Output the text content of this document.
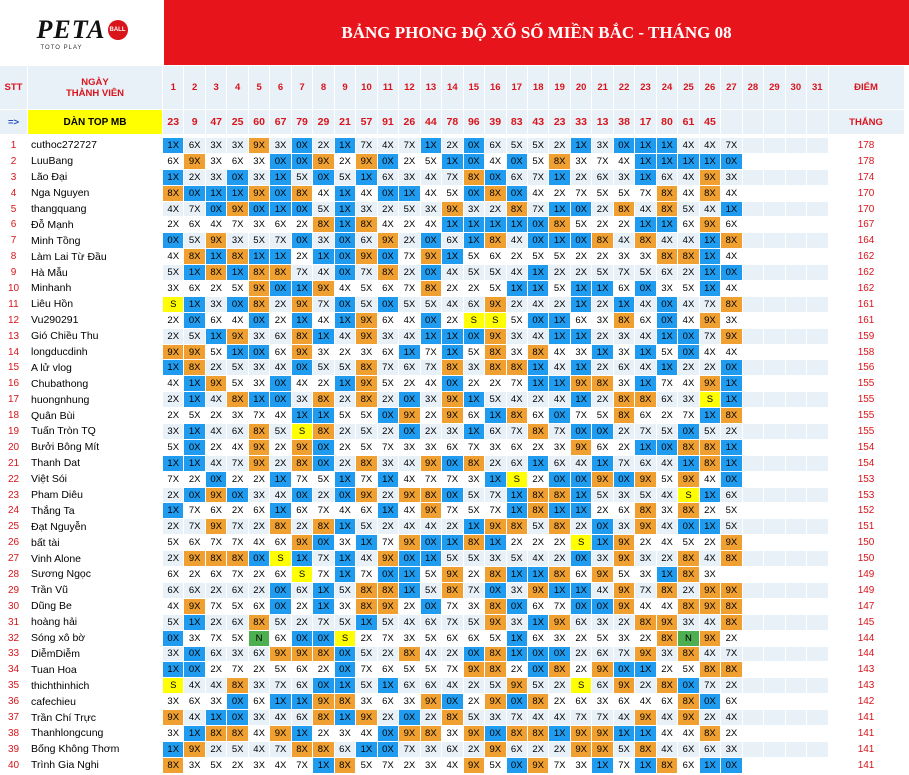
PETA BALL
TOTO PLAY
BẢNG PHONG ĐỘ XỔ SỐ MIỀN BẮC - THÁNG 08
STT	NGÀY
THÀNH VIÊN	1	2	3	4	5	6	7	8	9	10	11	12	13	14	15	16	17	18	19	20	21	22	23	24	25	26	27	28	29	30	31	ĐIỂM
=>	DÀN TOP MB	23	9	47 25 60 67 79 29 21 57 91 26 44 78 96 39 83 43 23 33 13 38 17 80 61 45	THẮNG
1	cuthoc272727	1X	6X	3X	3X	9X	3X	0X	2X	1X	7X	4X	7X	1X	2X	0X	6X	5X	5X	2X	1X	3X	0X	1X	1X	4X	4X	7X	178
2	LuuBang	6X	9X	3X	6X	3X	0X	0X	9X	2X	9X	0X	2X	5X	1X	0X	4X	0X	5X	8X	3X	7X	4X	1X	1X	1X	1X	0X	178
3	Lão Đại	1X	2X	3X	0X	3X	1X	5X	0X	5X	1X	6X	3X	4X	7X	8X	0X	6X	7X	1X	2X	6X	3X	1X	6X	4X	9X	3X	174
4	Nga Nguyen	8X	0X	1X	1X	9X	0X	8X	4X	1X	4X	0X	1X	4X	5X	0X	8X	0X	4X	2X	7X	5X	5X	7X	8X	4X	8X	4X	170
5	thangquang	4X	7X	0X	9X	0X	1X	0X	5X	1X	3X	2X	5X	3X	9X	3X	2X	8X	7X	1X	0X	2X	8X	4X	8X	5X	4X	1X	170
6	Đỗ Mạnh	2X	6X	4X	7X	3X	6X	2X	8X	1X	8X	4X	2X	4X	1X	1X	1X	1X	0X	8X	5X	2X	2X	1X	1X	6X	9X	6X	167
7	Minh Tồng	0X	5X	9X	3X	5X	7X	0X	3X	0X	6X	9X	2X	0X	6X	1X	8X	4X	0X	1X	0X	8X	4X	8X	4X	4X	1X	8X	164
8	Làm Lai Từ Đầu	4X	8X	1X	8X	1X	1X	2X	1X	0X	9X	0X	7X	9X	1X	5X	6X	2X	5X	5X	2X	2X	3X	3X	8X	8X	1X	4X	162
9	Hà Mẫu	5X	1X	8X	1X	8X	8X	7X	4X	0X	7X	8X	2X	0X	4X	5X	5X	4X	1X	2X	2X	5X	7X	5X	6X	2X	1X	0X	162
10	Minhanh	3X	6X	2X	5X	9X	0X	1X	9X	4X	5X	6X	7X	8X	2X	2X	5X	1X	1X	5X	1X	1X	6X	0X	3X	5X	1X	4X	162
11	Liêu Hồn	S	1X	3X	0X	8X	2X	9X	7X	0X	5X	0X	5X	5X	4X	6X	9X	2X	4X	2X	1X	2X	1X	4X	0X	4X	7X	8X	161
12	Vu290291	2X	0X	6X	4X	0X	2X	1X	4X	1X	9X	6X	4X	0X	2X	S	S	5X	0X	1X	6X	3X	8X	6X	0X	4X	9X	3X	161
13	Gió Chiều Thu	2X	5X	1X	9X	3X	6X	8X	1X	4X	9X	3X	4X	1X	1X	0X	9X	3X	4X	1X	1X	2X	3X	4X	1X	0X	7X	9X	159
14	longducdinh	9X	9X	5X	1X	0X	6X	9X	3X	2X	3X	6X	1X	7X	1X	5X	8X	3X	8X	4X	3X	1X	3X	1X	5X	0X	4X	4X	158
15	A lử vlog	1X	8X	2X	5X	3X	4X	0X	5X	5X	8X	7X	6X	7X	8X	3X	8X	8X	1X	4X	1X	2X	6X	4X	1X	2X	2X	0X	156
16	Chubathong	4X	1X	9X	5X	3X	0X	4X	2X	1X	9X	5X	2X	4X	0X	2X	2X	7X	1X	1X	9X	8X	3X	1X	7X	4X	9X	1X	155
17	huongnhung	2X	1X	4X	8X	1X	0X	3X	8X	2X	8X	2X	0X	3X	9X	1X	5X	4X	2X	4X	1X	2X	8X	8X	6X	3X	S	1X	155
18	Quân Bùi	2X	5X	2X	3X	7X	4X	1X	1X	5X	5X	0X	9X	2X	9X	6X	1X	8X	6X	0X	7X	5X	8X	6X	2X	7X	1X	8X	155
19	Tuấn Tròn TQ	3X	1X	4X	6X	8X	5X	S	8X	2X	5X	2X	0X	2X	3X	1X	6X	7X	8X	7X	0X	0X	2X	7X	5X	0X	5X	2X	155
20	Bưởi Bông Mít	5X	0X	2X	4X	9X	2X	9X	0X	2X	5X	7X	3X	3X	6X	7X	3X	6X	2X	3X	9X	6X	2X	1X	0X	8X	8X	1X	154
21	Thanh Dat	1X	1X	4X	7X	9X	2X	8X	0X	2X	8X	3X	4X	9X	0X	8X	2X	6X	1X	6X	4X	1X	7X	6X	4X	1X	8X	1X	154
22	Việt Sói	7X	2X	0X	2X	2X	1X	7X	5X	1X	7X	1X	4X	7X	7X	3X	1X	S	2X	0X	0X	9X	0X	9X	5X	9X	4X	0X	153
23	Pham Diêu	2X	0X	9X	0X	3X	4X	0X	2X	0X	9X	2X	9X	8X	0X	5X	7X	1X	8X	8X	1X	5X	3X	5X	4X	S	1X	6X	153
24	Thắng Ta	1X	7X	6X	2X	6X	1X	6X	7X	4X	6X	1X	4X	9X	7X	5X	7X	1X	8X	1X	1X	2X	6X	8X	3X	8X	2X	5X	152
25	Đạt Nguyễn	2X	7X	9X	7X	2X	8X	2X	8X	1X	5X	2X	4X	4X	2X	1X	9X	8X	5X	8X	2X	0X	3X	9X	4X	0X	1X	5X	151
26	bất tài	5X	6X	7X	7X	4X	6X	9X	0X	3X	1X	7X	9X	0X	1X	8X	1X	2X	2X	2X	S	1X	9X	2X	4X	5X	2X	9X	150
27	Vinh Alone	2X	9X	8X	8X	0X	S	1X	7X	1X	4X	9X	0X	1X	5X	5X	3X	5X	4X	2X	0X	3X	9X	3X	2X	8X	4X	8X	150
28	Sương Ngọc	6X	2X	6X	7X	2X	6X	S	7X	1X	7X	0X	1X	5X	9X	2X	8X	1X	1X	8X	6X	9X	5X	3X	1X	8X	3X	149
29	Trần Vũ	6X	6X	2X	6X	2X	0X	6X	1X	5X	8X	8X	1X	5X	8X	7X	0X	3X	9X	1X	1X	4X	9X	7X	8X	2X	9X	9X	149
30	Dũng Be	4X	9X	7X	5X	6X	0X	2X	1X	3X	8X	9X	2X	0X	7X	3X	8X	0X	6X	7X	0X	0X	9X	4X	4X	8X	9X	8X	147
31	hoàng hải	5X	1X	2X	6X	8X	5X	2X	7X	5X	1X	5X	4X	6X	7X	5X	9X	3X	1X	9X	6X	3X	2X	8X	9X	3X	4X	8X	145
32	Sóng xô bờ	0X	3X	7X	5X	N	6X	0X	0X	S	2X	7X	3X	5X	6X	6X	5X	1X	6X	3X	2X	5X	3X	2X	8X	N	9X	2X	144
33	DiễmDiễm	3X	0X	6X	3X	6X	9X	9X	8X	0X	5X	2X	8X	4X	2X	0X	8X	1X	0X	0X	2X	6X	7X	9X	3X	8X	4X	7X	144
34	Tuan Hoa	1X	0X	2X	7X	2X	5X	6X	2X	0X	7X	6X	5X	5X	7X	9X	8X	2X	0X	8X	2X	9X	0X	1X	2X	5X	8X	8X	143
35	thichthinhich	S	4X	4X	8X	3X	7X	6X	0X	1X	5X	1X	6X	6X	4X	2X	5X	9X	5X	2X	S	6X	9X	2X	8X	0X	7X	2X	143
36	cafechieu	3X	6X	3X	0X	6X	1X	1X	9X	8X	3X	6X	3X	9X	0X	2X	9X	0X	8X	2X	6X	3X	6X	4X	6X	8X	0X	6X	142
37	Trần Chí Trực	9X	4X	1X	0X	3X	4X	6X	8X	1X	9X	2X	0X	2X	8X	5X	3X	7X	4X	4X	7X	7X	4X	9X	4X	9X	2X	4X	141
38	Thanhlongcung	3X	1X	8X	8X	4X	9X	1X	2X	3X	4X	0X	9X	8X	3X	9X	0X	8X	8X	1X	9X	9X	1X	1X	4X	4X	8X	2X	141
39	Bống Không Thơm	1X	9X	2X	5X	4X	7X	8X	8X	6X	1X	0X	7X	3X	6X	2X	9X	6X	2X	2X	9X	9X	5X	8X	4X	6X	6X	3X	141
40	Trình Gia Nghi	8X	3X	5X	2X	3X	4X	7X	1X	8X	5X	7X	2X	3X	4X	9X	5X	0X	9X	7X	3X	1X	7X	1X	8X	6X	1X	0X	141
